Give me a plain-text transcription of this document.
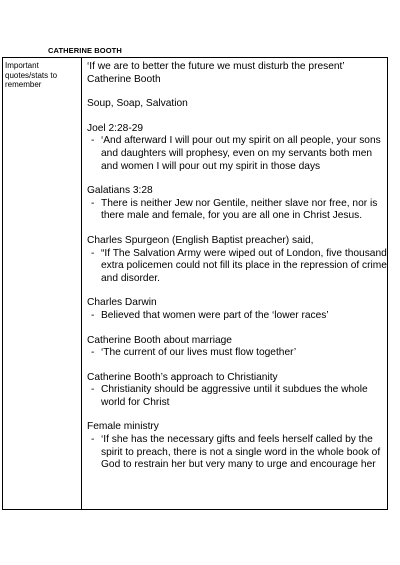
CATHERINE BOOTH
Important quotes/stats to remember

‘If we are to better the future we must disturb the present’

Catherine Booth

Soup, Soap, Salvation

Joel 2:28-29

- ‘And afterward I will pour out my spirit on all people, your sons and daughters will prophesy, even on my servants both men and women I will pour out my spirit in those days

Galatians 3:28

- There is neither Jew nor Gentile, neither slave nor free, nor is there male and female, for you are all one in Christ Jesus.

Charles Spurgeon (English Baptist preacher) said,

- “If The Salvation Army were wiped out of London, five thousand extra policemen could not fill its place in the repression of crime and disorder.

Charles Darwin

- Believed that women were part of the ‘lower races’

Catherine Booth about marriage

- ‘The current of our lives must flow together’

Catherine Booth’s approach to Christianity

- Christianity should be aggressive until it subdues the whole world for Christ

Female ministry

- ‘If she has the necessary gifts and feels herself called by the spirit to preach, there is not a single word in the whole book of God to restrain her but very many to urge and encourage her
